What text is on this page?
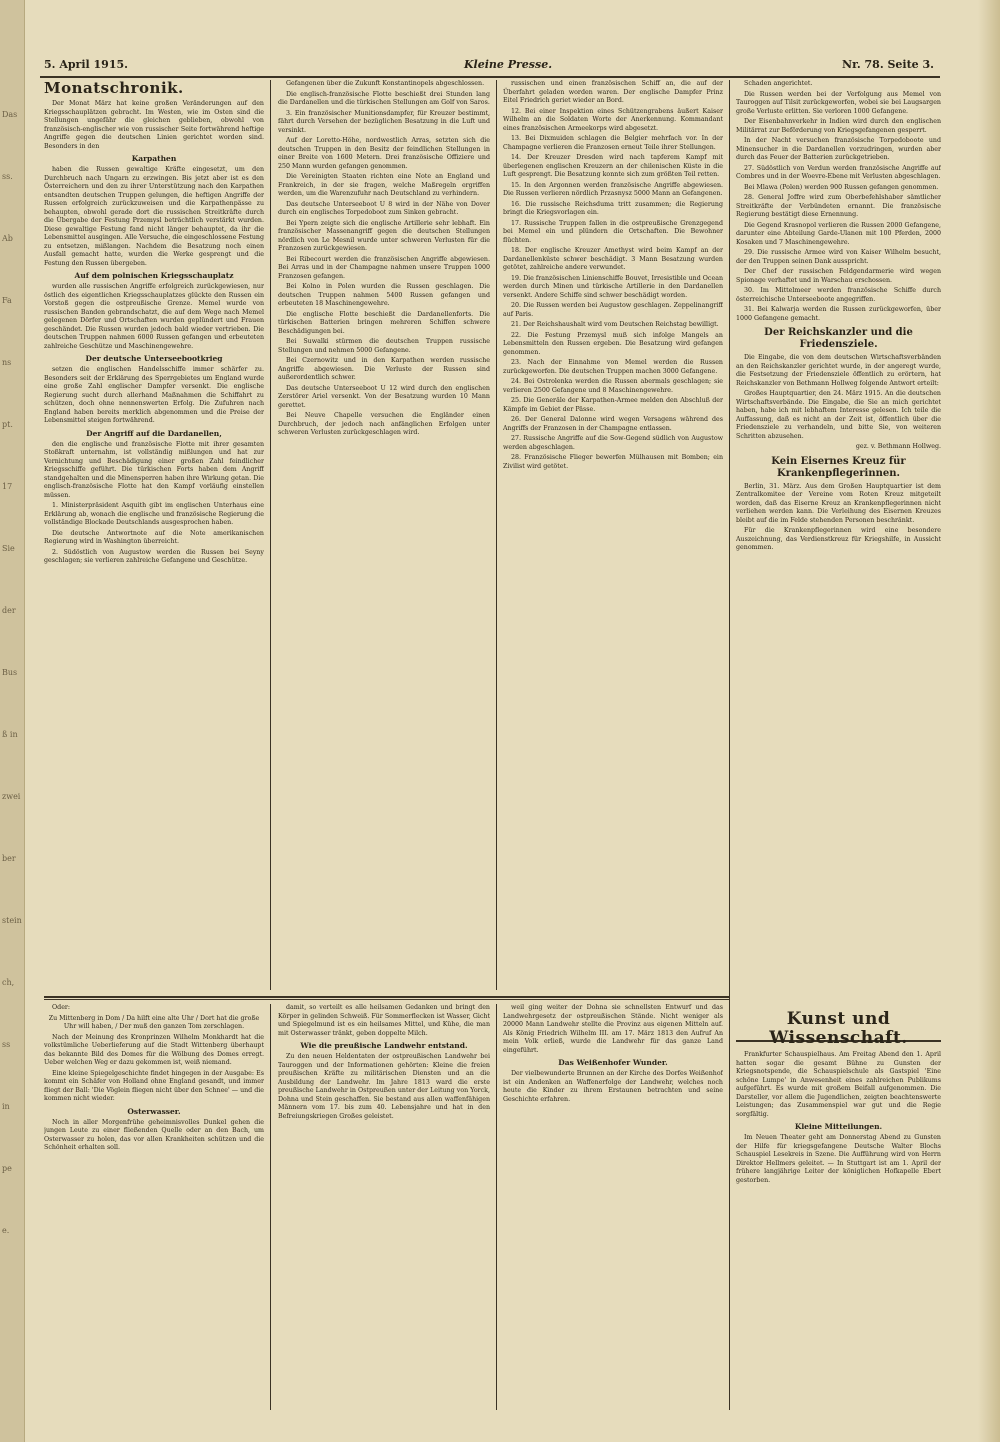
Das
ss.
Ab
Fa
ns
pt.
17
Sie
der
Bus
ß in
zwei
ber
stein
ch,
ss
in
pe
e.
5. April 1915.	Kleine Presse.	Nr. 78. Seite 3.
Monatschronik.

Der Monat März hat keine großen Veränderungen auf den Kriegsschauplätzen gebracht. Im Westen, wie im Osten sind die Stellungen ungefähr die gleichen geblieben, obwohl von französisch-englischer wie von russischer Seite fortwährend heftige Angriffe gegen die deutschen Linien gerichtet worden sind. Besonders in den

Karpathen

haben die Russen gewaltige Kräfte eingesetzt, um den Durchbruch nach Ungarn zu erzwingen. Bis jetzt aber ist es den Österreichern und den zu ihrer Unterstützung nach den Karpathen entsandten deutschen Truppen gelungen, die heftigen Angriffe der Russen erfolgreich zurückzuweisen und die Karpathenpässe zu behaupten, obwohl gerade dort die russischen Streitkräfte durch die Übergabe der Festung Przemysl beträchtlich verstärkt wurden. Diese gewaltige Festung fand nicht länger behauptet, da ihr die Lebensmittel ausgingen. Alle Versuche, die eingeschlossene Festung zu entsetzen, mißlangen. Nachdem die Besatzung noch einen Ausfall gemacht hatte, wurden die Werke gesprengt und die Festung den Russen übergeben.

Auf dem polnischen Kriegsschauplatz

wurden alle russischen Angriffe erfolgreich zurückgewiesen, nur östlich des eigentlichen Kriegsschauplatzes glückte den Russen ein Vorstoß gegen die ostpreußische Grenze. Memel wurde von russischen Banden gebrandschatzt, die auf dem Wege nach Memel gelegenen Dörfer und Ortschaften wurden geplündert und Frauen geschändet. Die Russen wurden jedoch bald wieder vertrieben. Die deutschen Truppen nahmen 6000 Russen gefangen und erbeuteten zahlreiche Geschütze und Maschinengewehre.

Der deutsche Unterseebootkrieg

setzen die englischen Handelsschiffe immer schärfer zu. Besonders seit der Erklärung des Sperrgebietes um England wurde eine große Zahl englischer Dampfer versenkt. Die englische Regierung sucht durch allerhand Maßnahmen die Schiffahrt zu schützen, doch ohne nennenswerten Erfolg. Die Zufuhren nach England haben bereits merklich abgenommen und die Preise der Lebensmittel steigen fortwährend.

Der Angriff auf die Dardanellen,

den die englische und französische Flotte mit ihrer gesamten Stoßkraft unternahm, ist vollständig mißlungen und hat zur Vernichtung und Beschädigung einer großen Zahl feindlicher Kriegsschiffe geführt. Die türkischen Forts haben dem Angriff standgehalten und die Minensperren haben ihre Wirkung getan. Die englisch-französische Flotte hat den Kampf vorläufig einstellen müssen.

1. Ministerpräsident Asquith gibt im englischen Unterhaus eine Erklärung ab, wonach die englische und französische Regierung die vollständige Blockade Deutschlands ausgesprochen haben.

Die deutsche Antwortnote auf die Note amerikanischen Regierung wird in Washington überreicht.

2. Südöstlich von Augustow werden die Russen bei Seyny geschlagen; sie verlieren zahlreiche Gefangene und Geschütze.

Gefangenen über die Zukunft Konstantinopels abgeschlossen.

Die englisch-französische Flotte beschießt drei Stunden lang die Dardanellen und die türkischen Stellungen am Golf von Saros.

3. Ein französischer Munitionsdampfer, für Kreuzer bestimmt, fährt durch Versehen der bezüglichen Besatzung in die Luft und versinkt.

Auf der Loretto-Höhe, nordwestlich Arras, setzten sich die deutschen Truppen in den Besitz der feindlichen Stellungen in einer Breite von 1600 Metern. Drei französische Offiziere und 250 Mann wurden gefangen genommen.

Die Vereinigten Staaten richten eine Note an England und Frankreich, in der sie fragen, welche Maßregeln ergriffen werden, um die Warenzufuhr nach Deutschland zu verhindern.

Das deutsche Unterseeboot U 8 wird in der Nähe von Dover durch ein englisches Torpedoboot zum Sinken gebracht.

Bei Ypern zeigte sich die englische Artillerie sehr lebhaft. Ein französischer Massenangriff gegen die deutschen Stellungen nördlich von Le Mesnil wurde unter schweren Verlusten für die Franzosen zurückgewiesen.

Bei Ribecourt werden die französischen Angriffe abgewiesen. Bei Arras und in der Champagne nahmen unsere Truppen 1000 Franzosen gefangen.

Bei Kolno in Polen wurden die Russen geschlagen. Die deutschen Truppen nahmen 5400 Russen gefangen und erbeuteten 18 Maschinengewehre.

Die englische Flotte beschießt die Dardanellenforts. Die türkischen Batterien bringen mehreren Schiffen schwere Beschädigungen bei.

Bei Suwalki stürmen die deutschen Truppen russische Stellungen und nehmen 5000 Gefangene.

Bei Czernowitz und in den Karpathen werden russische Angriffe abgewiesen. Die Verluste der Russen sind außerordentlich schwer.

Das deutsche Unterseeboot U 12 wird durch den englischen Zerstörer Ariel versenkt. Von der Besatzung wurden 10 Mann gerettet.

Bei Neuve Chapelle versuchen die Engländer einen Durchbruch, der jedoch nach anfänglichen Erfolgen unter schweren Verlusten zurückgeschlagen wird.

russischen und einen französischen Schiff an, die auf der Überfahrt geladen worden waren. Der englische Dampfer Prinz Eitel Friedrich geriet wieder an Bord.

12. Bei einer Inspektion eines Schützengrabens äußert Kaiser Wilhelm an die Soldaten Worte der Anerkennung. Kommandant eines französischen Armeekorps wird abgesetzt.

13. Bei Dixmuiden schlagen die Belgier mehrfach vor. In der Champagne verlieren die Franzosen erneut Teile ihrer Stellungen.

14. Der Kreuzer Dresden wird nach tapferem Kampf mit überlegenen englischen Kreuzern an der chilenischen Küste in die Luft gesprengt. Die Besatzung konnte sich zum größten Teil retten.

15. In den Argonnen werden französische Angriffe abgewiesen. Die Russen verlieren nördlich Przasnysz 5000 Mann an Gefangenen.

16. Die russische Reichsduma tritt zusammen; die Regierung bringt die Kriegsvorlagen ein.

17. Russische Truppen fallen in die ostpreußische Grenzgegend bei Memel ein und plündern die Ortschaften. Die Bewohner flüchten.

18. Der englische Kreuzer Amethyst wird beim Kampf an der Dardanellenküste schwer beschädigt. 3 Mann Besatzung wurden getötet, zahlreiche andere verwundet.

19. Die französischen Linienschiffe Bouvet, Irresistible und Ocean werden durch Minen und türkische Artillerie in den Dardanellen versenkt. Andere Schiffe sind schwer beschädigt worden.

20. Die Russen werden bei Augustow geschlagen. Zeppelinangriff auf Paris.

21. Der Reichshaushalt wird vom Deutschen Reichstag bewilligt.

22. Die Festung Przemysl muß sich infolge Mangels an Lebensmitteln den Russen ergeben. Die Besatzung wird gefangen genommen.

23. Nach der Einnahme von Memel werden die Russen zurückgeworfen. Die deutschen Truppen machen 3000 Gefangene.

24. Bei Ostrolenka werden die Russen abermals geschlagen; sie verlieren 2500 Gefangene und 8 Maschinengewehre.

25. Die Generäle der Karpathen-Armee melden den Abschluß der Kämpfe im Gebiet der Pässe.

26. Der General Dalonne wird wegen Versagens während des Angriffs der Franzosen in der Champagne entlassen.

27. Russische Angriffe auf die Sow-Gegend südlich von Augustow werden abgeschlagen.

28. Französische Flieger bewerfen Mülhausen mit Bomben; ein Zivilist wird getötet.

Schaden angerichtet.

Die Russen werden bei der Verfolgung aus Memel von Tauroggen auf Tilsit zurückgeworfen, wobei sie bei Laugsargen große Verluste erlitten. Sie verloren 1000 Gefangene.

Der Eisenbahnverkehr in Indien wird durch den englischen Militärrat zur Beförderung von Kriegsgefangenen gesperrt.

In der Nacht versuchen französische Torpedoboote und Minensucher in die Dardanellen vorzudringen, wurden aber durch das Feuer der Batterien zurückgetrieben.

27. Südöstlich von Verdun werden französische Angriffe auf Combres und in der Woevre-Ebene mit Verlusten abgeschlagen.

Bei Mlawa (Polen) werden 900 Russen gefangen genommen.

28. General Joffre wird zum Oberbefehlshaber sämtlicher Streitkräfte der Verbündeten ernannt. Die französische Regierung bestätigt diese Ernennung.

Die Gegend Krasnopol verlieren die Russen 2000 Gefangene, darunter eine Abteilung Garde-Ulanen mit 100 Pferden, 2000 Kosaken und 7 Maschinengewehre.

29. Die russische Armee wird von Kaiser Wilhelm besucht, der den Truppen seinen Dank ausspricht.

Der Chef der russischen Feldgendarmerie wird wegen Spionage verhaftet und in Warschau erschossen.

30. Im Mittelmeer werden französische Schiffe durch österreichische Unterseeboote angegriffen.

31. Bei Kalwarja werden die Russen zurückgeworfen, über 1000 Gefangene gemacht.

Der Reichskanzler und die Friedensziele.

Die Eingabe, die von dem deutschen Wirtschaftsverbänden an den Reichskanzler gerichtet wurde, in der angeregt wurde, die Festsetzung der Friedensziele öffentlich zu erörtern, hat Reichskanzler von Bethmann Hollweg folgende Antwort erteilt:

Großes Hauptquartier, den 24. März 1915. An die deutschen Wirtschaftsverbände. Die Eingabe, die Sie an mich gerichtet haben, habe ich mit lebhaftem Interesse gelesen. Ich teile die Auffassung, daß es nicht an der Zeit ist, öffentlich über die Friedensziele zu verhandeln, und bitte Sie, von weiteren Schritten abzusehen.

gez. v. Bethmann Hollweg.

Kein Eisernes Kreuz für Krankenpflegerinnen.

Berlin, 31. März. Aus dem Großen Hauptquartier ist dem Zentralkomitee der Vereine vom Roten Kreuz mitgeteilt worden, daß das Eiserne Kreuz an Krankenpflegerinnen nicht verliehen werden kann. Die Verleihung des Eisernen Kreuzes bleibt auf die im Felde stehenden Personen beschränkt.

Für die Krankenpflegerinnen wird eine besondere Auszeichnung, das Verdienstkreuz für Kriegshilfe, in Aussicht genommen.

Oder:

Zu Mittenberg in Dom / Da hilft eine alte Uhr / Dort hat die große Uhr will haben, / Der muß den ganzen Tom zerschlagen.

Nach der Meinung des Kronprinzen Wilhelm Monkhardt hat die volkstümliche Ueberlieferung auf die Stadt Wittenberg überhaupt das bekannte Bild des Domes für die Wölbung des Domes erregt. Ueber welchen Weg er dazu gekommen ist, weiß niemand.

Eine kleine Spiegelgeschichte findet hingegen in der Ausgabe: Es kommt ein Schäfer von Holland ohne England gesandt, und immer fliegt der Ball: 'Die Vöglein fliegen nicht über den Schnee' — und die kommen nicht wieder.

Osterwasser.

Noch in aller Morgenfrühe geheimnisvolles Dunkel gehen die jungen Leute zu einer fließenden Quelle oder an den Bach, um Osterwasser zu holen, das vor allen Krankheiten schützen und die Schönheit erhalten soll.

damit, so verteilt es alle heilsamen Gedanken und bringt den Körper in gelinden Schweiß. Für Sommerflecken ist Wasser, Gicht und Spiegelmund ist es ein heilsames Mittel, und Kühe, die man mit Osterwasser tränkt, geben doppelte Milch.

Wie die preußische Landwehr entstand.

Zu den neuen Heldentaten der ostpreußischen Landwehr bei Tauroggen und der Informationen gehörten: Kleine die freien preußischen Kräfte zu militärischen Diensten und an die Ausbildung der Landwehr. Im Jahre 1813 ward die erste preußische Landwehr in Ostpreußen unter der Leitung von Yorck, Dohna und Stein geschaffen. Sie bestand aus allen waffenfähigen Männern vom 17. bis zum 40. Lebensjahre und hat in den Befreiungskriegen Großes geleistet.

weil ging weiter der Dohna sie schnellsten Entwurf und das Landwehrgesetz der ostpreußischen Stände. Nicht weniger als 20000 Mann Landwehr stellte die Provinz aus eigenen Mitteln auf. Als König Friedrich Wilhelm III. am 17. März 1813 den Aufruf An mein Volk erließ, wurde die Landwehr für das ganze Land eingeführt.

Das Weißenhofer Wunder.

Der vielbewunderte Brunnen an der Kirche des Dorfes Weißenhof ist ein Andenken an Waffenerfolge der Landwehr, welches noch heute die Kinder zu ihrem Erstaunen betrachten und seine Geschichte erfahren.

Kunst und Wissenschaft.

Frankfurter Schauspielhaus. Am Freitag Abend den 1. April hatten sogar die gesamt Bühne zu Gunsten der Kriegsnotspende, die Schauspielschule als Gastspiel 'Eine schöne Lumpe' in Anwesenheit eines zahlreichen Publikums aufgeführt. Es wurde mit großem Beifall aufgenommen. Die Darsteller, vor allem die Jugendlichen, zeigten beachtenswerte Leistungen; das Zusammenspiel war gut und die Regie sorgfältig.

Kleine Mitteilungen.

Im Neuen Theater geht am Donnerstag Abend zu Gunsten der Hilfe für kriegsgefangene Deutsche Walter Blochs Schauspiel Lesekreis in Szene. Die Aufführung wird von Herrn Direktor Hellmers geleitet. — In Stuttgart ist am 1. April der frühere langjährige Leiter der königlichen Hofkapelle Ebert gestorben.
